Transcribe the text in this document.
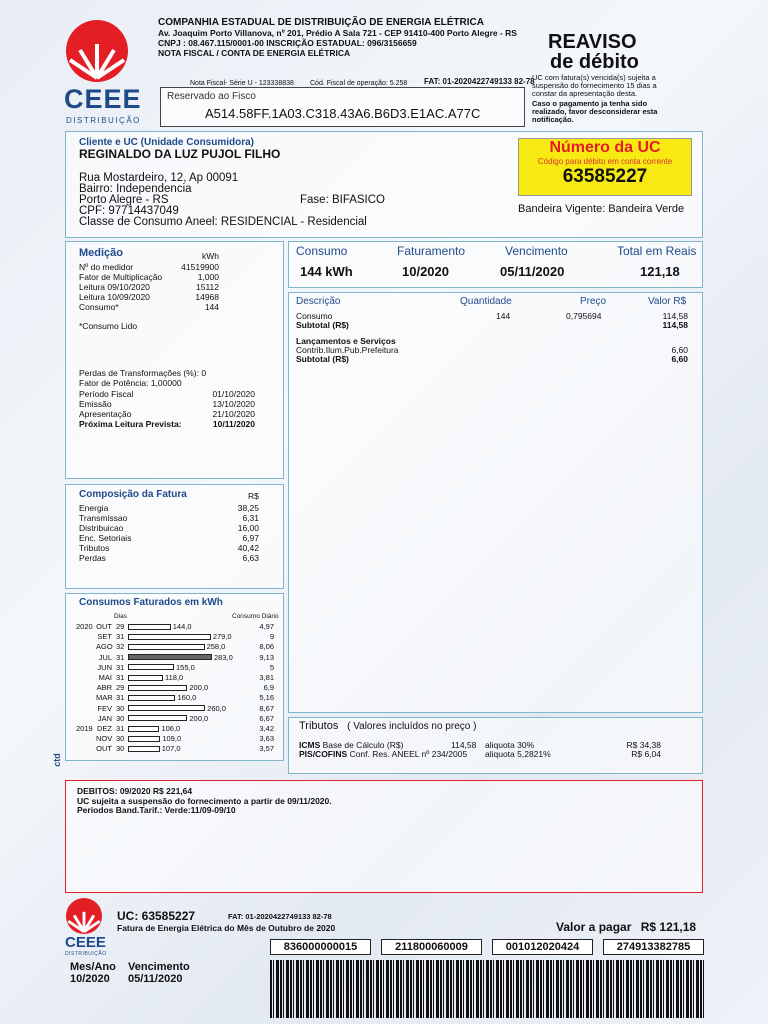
CEEE
DISTRIBUIÇÃO
COMPANHIA ESTADUAL DE DISTRIBUIÇÃO DE ENERGIA ELÉTRICA
Av. Joaquim Porto Villanova, nº 201, Prédio A Sala 721 - CEP 91410-400 Porto Alegre - RS
CNPJ : 08.467.115/0001-00 INSCRIÇÃO ESTADUAL: 096/3156659
NOTA FISCAL / CONTA DE ENERGIA ELÉTRICA
Nota Fiscal- Série U - 123338838 Cód. Fiscal de operação: 5.258 FAT: 01-2020422749133 82-78
REAVISO
de débito
UC com fatura(s) vencida(s) sujeita a suspensão do fornecimento 15 dias a constar da apresentação desta.
Caso o pagamento ja tenha sido realizado, favor desconsiderar esta notificação.
Reservado ao Fisco
A514.58FF.1A03.C318.43A6.B6D3.E1AC.A77C
Cliente e UC (Unidade Consumidora)
REGINALDO DA LUZ PUJOL FILHO
Rua Mostardeiro, 12, Ap 00091
Bairro: Independencia
Porto Alegre - RS	Fase: BIFASICO
CPF: 97714437049
Classe de Consumo Aneel: RESIDENCIAL - Residencial
Número da UC
Código para débito em conta corrente
63585227
Bandeira Vigente: Bandeira Verde
Medição	kWh
Nº do medidor	41519900
Fator de Multiplicação	1,000
Leitura 09/10/2020	15112
Leitura 10/09/2020	14968
Consumo*	144
*Consumo Lido
Perdas de Transformações (%): 0
Fator de Potência: 1,00000
Período Fiscal	01/10/2020
Emissão	13/10/2020
Apresentação	21/10/2020
Próxima Leitura Prevista:	10/11/2020
Consumo	Faturamento	Vencimento	Total em Reais
144 kWh	10/2020	05/11/2020	121,18
Descrição	Quantidade	Preço	Valor R$
Consumo	144	0,795694	114,58
Subtotal (R$)	114,58
Lançamentos e Serviços
Contrib.Ilum.Pub.Prefeitura	6,60
Subtotal (R$)	6,60
Composição da Fatura	R$
Energia	38,25
Transmissao	6,31
Distribuicao	16,00
Enc. Setoriais	6,97
Tributos	40,42
Perdas	6,63
Consumos Faturados em kWh
Dias	Consumo Diário
2020 OUT 29	144,0	4,97
SET 31	279,0	9
AGO 32	258,0	8,06
JUL 31	283,0	9,13
JUN 31	155,0	5
MAI 31	118,0	3,81
ABR 29	200,0	6,9
MAR 31	160,0	5,16
FEV 30	260,0	8,67
JAN 30	200,0	6,67
2019 DEZ 31	106,0	3,42
NOV 30	109,0	3,63
OUT 30	107,0	3,57
Tributos ( Valores incluídos no preço )
ICMS Base de Cálculo (R$)	114,58 aliquota 30%	R$ 34,38
PIS/COFINS Conf. Res. ANEEL nº 234/2005 aliquota 5,2821%	R$ 6,04
ctd
DEBITOS: 09/2020 R$ 221,64
UC sujeita a suspensão do fornecimento a partir de 09/11/2020.
Periodos Band.Tarif.: Verde:11/09-09/10
CEEE
DISTRIBUIÇÃO
UC: 63585227	FAT: 01-2020422749133 82-78
Fatura de Energia Elétrica do Mês de Outubro de 2020	Valor a pagar R$ 121,18
836000000015	211800060009	001012020424	274913382785
Mes/Ano
10/2020
Vencimento
05/11/2020
